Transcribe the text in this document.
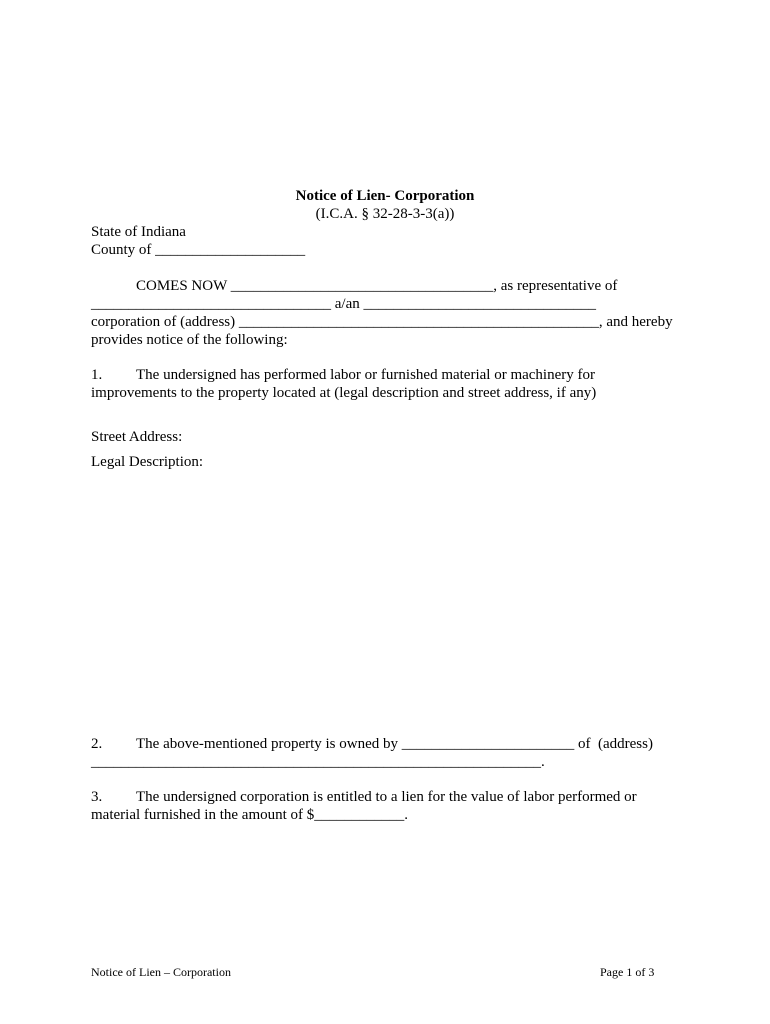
Notice of Lien- Corporation
(I.C.A. § 32-28-3-3(a))
State of Indiana
County of ____________________
COMES NOW ___________________________________, as representative of
________________________________ a/an _______________________________
corporation of (address) ________________________________________________, and hereby
provides notice of the following:
1. The undersigned has performed labor or furnished material or machinery for
improvements to the property located at (legal description and street address, if any)
Street Address:
Legal Description:
2. The above-mentioned property is owned by _______________________ of  (address)
____________________________________________________________.
3. The undersigned corporation is entitled to a lien for the value of labor performed or
material furnished in the amount of $____________.
Notice of Lien – Corporation	Page 1 of 3
